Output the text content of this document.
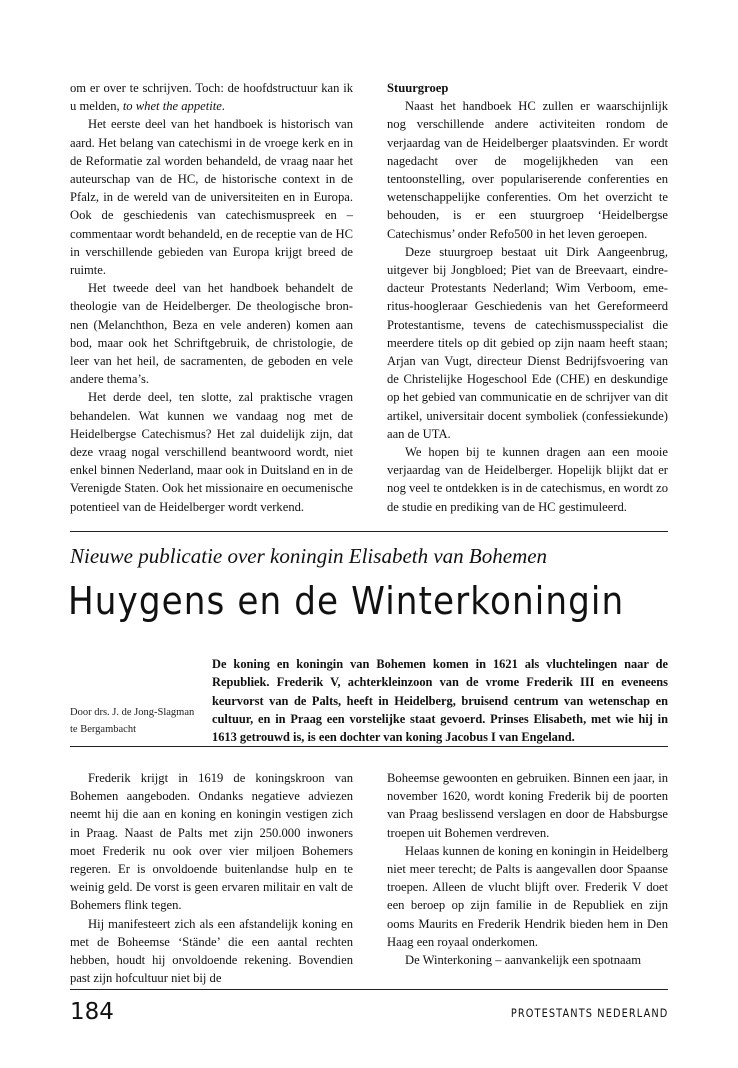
om er over te schrijven. Toch: de hoofdstructuur kan ik u melden, to whet the appetite.

Het eerste deel van het handboek is historisch van aard. Het belang van catechismi in de vroege kerk en in de Reformatie zal worden behandeld, de vraag naar het auteurschap van de HC, de historische context in de Pfalz, in de wereld van de universiteiten en in Europa. Ook de geschiedenis van catechismuspreek en –commentaar wordt behandeld, en de receptie van de HC in verschillende gebieden van Europa krijgt breed de ruimte.

Het tweede deel van het handboek behandelt de theologie van de Heidelberger. De theologische bronnen (Melanchthon, Beza en vele anderen) komen aan bod, maar ook het Schriftgebruik, de christologie, de leer van het heil, de sacramenten, de geboden en vele andere thema’s.

Het derde deel, ten slotte, zal praktische vragen behandelen. Wat kunnen we vandaag nog met de Heidelbergse Catechismus? Het zal duidelijk zijn, dat deze vraag nogal verschillend beantwoord wordt, niet enkel binnen Nederland, maar ook in Duitsland en in de Verenigde Staten. Ook het missionaire en oecumenische potentieel van de Heidelberger wordt verkend.

Stuurgroep

Naast het handboek HC zullen er waarschijnlijk nog verschillende andere activiteiten rondom de verjaardag van de Heidelberger plaatsvinden. Er wordt nagedacht over de mogelijkheden van een tentoonstelling, over populariserende conferenties en wetenschappelijke conferenties. Om het overzicht te behouden, is er een stuurgroep ‘Heidelbergse Catechismus’ onder Refo500 in het leven geroepen.

Deze stuurgroep bestaat uit Dirk Aangeenbrug, uitgever bij Jongbloed; Piet van de Breevaart, eindredacteur Protestants Nederland; Wim Verboom, emeritus-hoogleraar Geschiedenis van het Gereformeerd Protestantisme, tevens de catechismusspecialist die meerdere titels op dit gebied op zijn naam heeft staan; Arjan van Vugt, directeur Dienst Bedrijfsvoering van de Christelijke Hogeschool Ede (CHE) en deskundige op het gebied van communicatie en de schrijver van dit artikel, universitair docent symboliek (confessiekunde) aan de UTA.

We hopen bij te kunnen dragen aan een mooie verjaardag van de Heidelberger. Hopelijk blijkt dat er nog veel te ontdekken is in de catechismus, en wordt zo de studie en prediking van de HC gestimuleerd.

Nieuwe publicatie over koningin Elisabeth van Bohemen
Huygens en de Winterkoningin
Door drs. J. de Jong-Slagman
te Bergambacht
De koning en koningin van Bohemen komen in 1621 als vluchtelingen naar de Republiek. Frederik V, achterkleinzoon van de vrome Frederik III en eveneens keurvorst van de Palts, heeft in Heidelberg, bruisend centrum van wetenschap en cultuur, en in Praag een vorstelijke staat gevoerd. Prinses Elisabeth, met wie hij in 1613 getrouwd is, is een dochter van koning Jacobus I van Engeland.

Frederik krijgt in 1619 de koningskroon van Bohemen aangeboden. Ondanks negatieve adviezen neemt hij die aan en koning en koningin vestigen zich in Praag. Naast de Palts met zijn 250.000 inwoners moet Frederik nu ook over vier miljoen Bohemers regeren. Er is onvoldoende buitenlandse hulp en te weinig geld. De vorst is geen ervaren militair en valt de Bohemers flink tegen.

Hij manifesteert zich als een afstandelijk koning en met de Boheemse ‘Stände’ die een aantal rechten hebben, houdt hij onvoldoende rekening. Bovendien past zijn hofcultuur niet bij de

Boheemse gewoonten en gebruiken. Binnen een jaar, in november 1620, wordt koning Frederik bij de poorten van Praag beslissend verslagen en door de Habsburgse troepen uit Bohemen verdreven.

Helaas kunnen de koning en koningin in Heidelberg niet meer terecht; de Palts is aangevallen door Spaanse troepen. Alleen de vlucht blijft over. Frederik V doet een beroep op zijn familie in de Republiek en zijn ooms Maurits en Frederik Hendrik bieden hem in Den Haag een royaal onderkomen.

De Winterkoning – aanvankelijk een spotnaam

184	PROTESTANTS NEDERLAND
